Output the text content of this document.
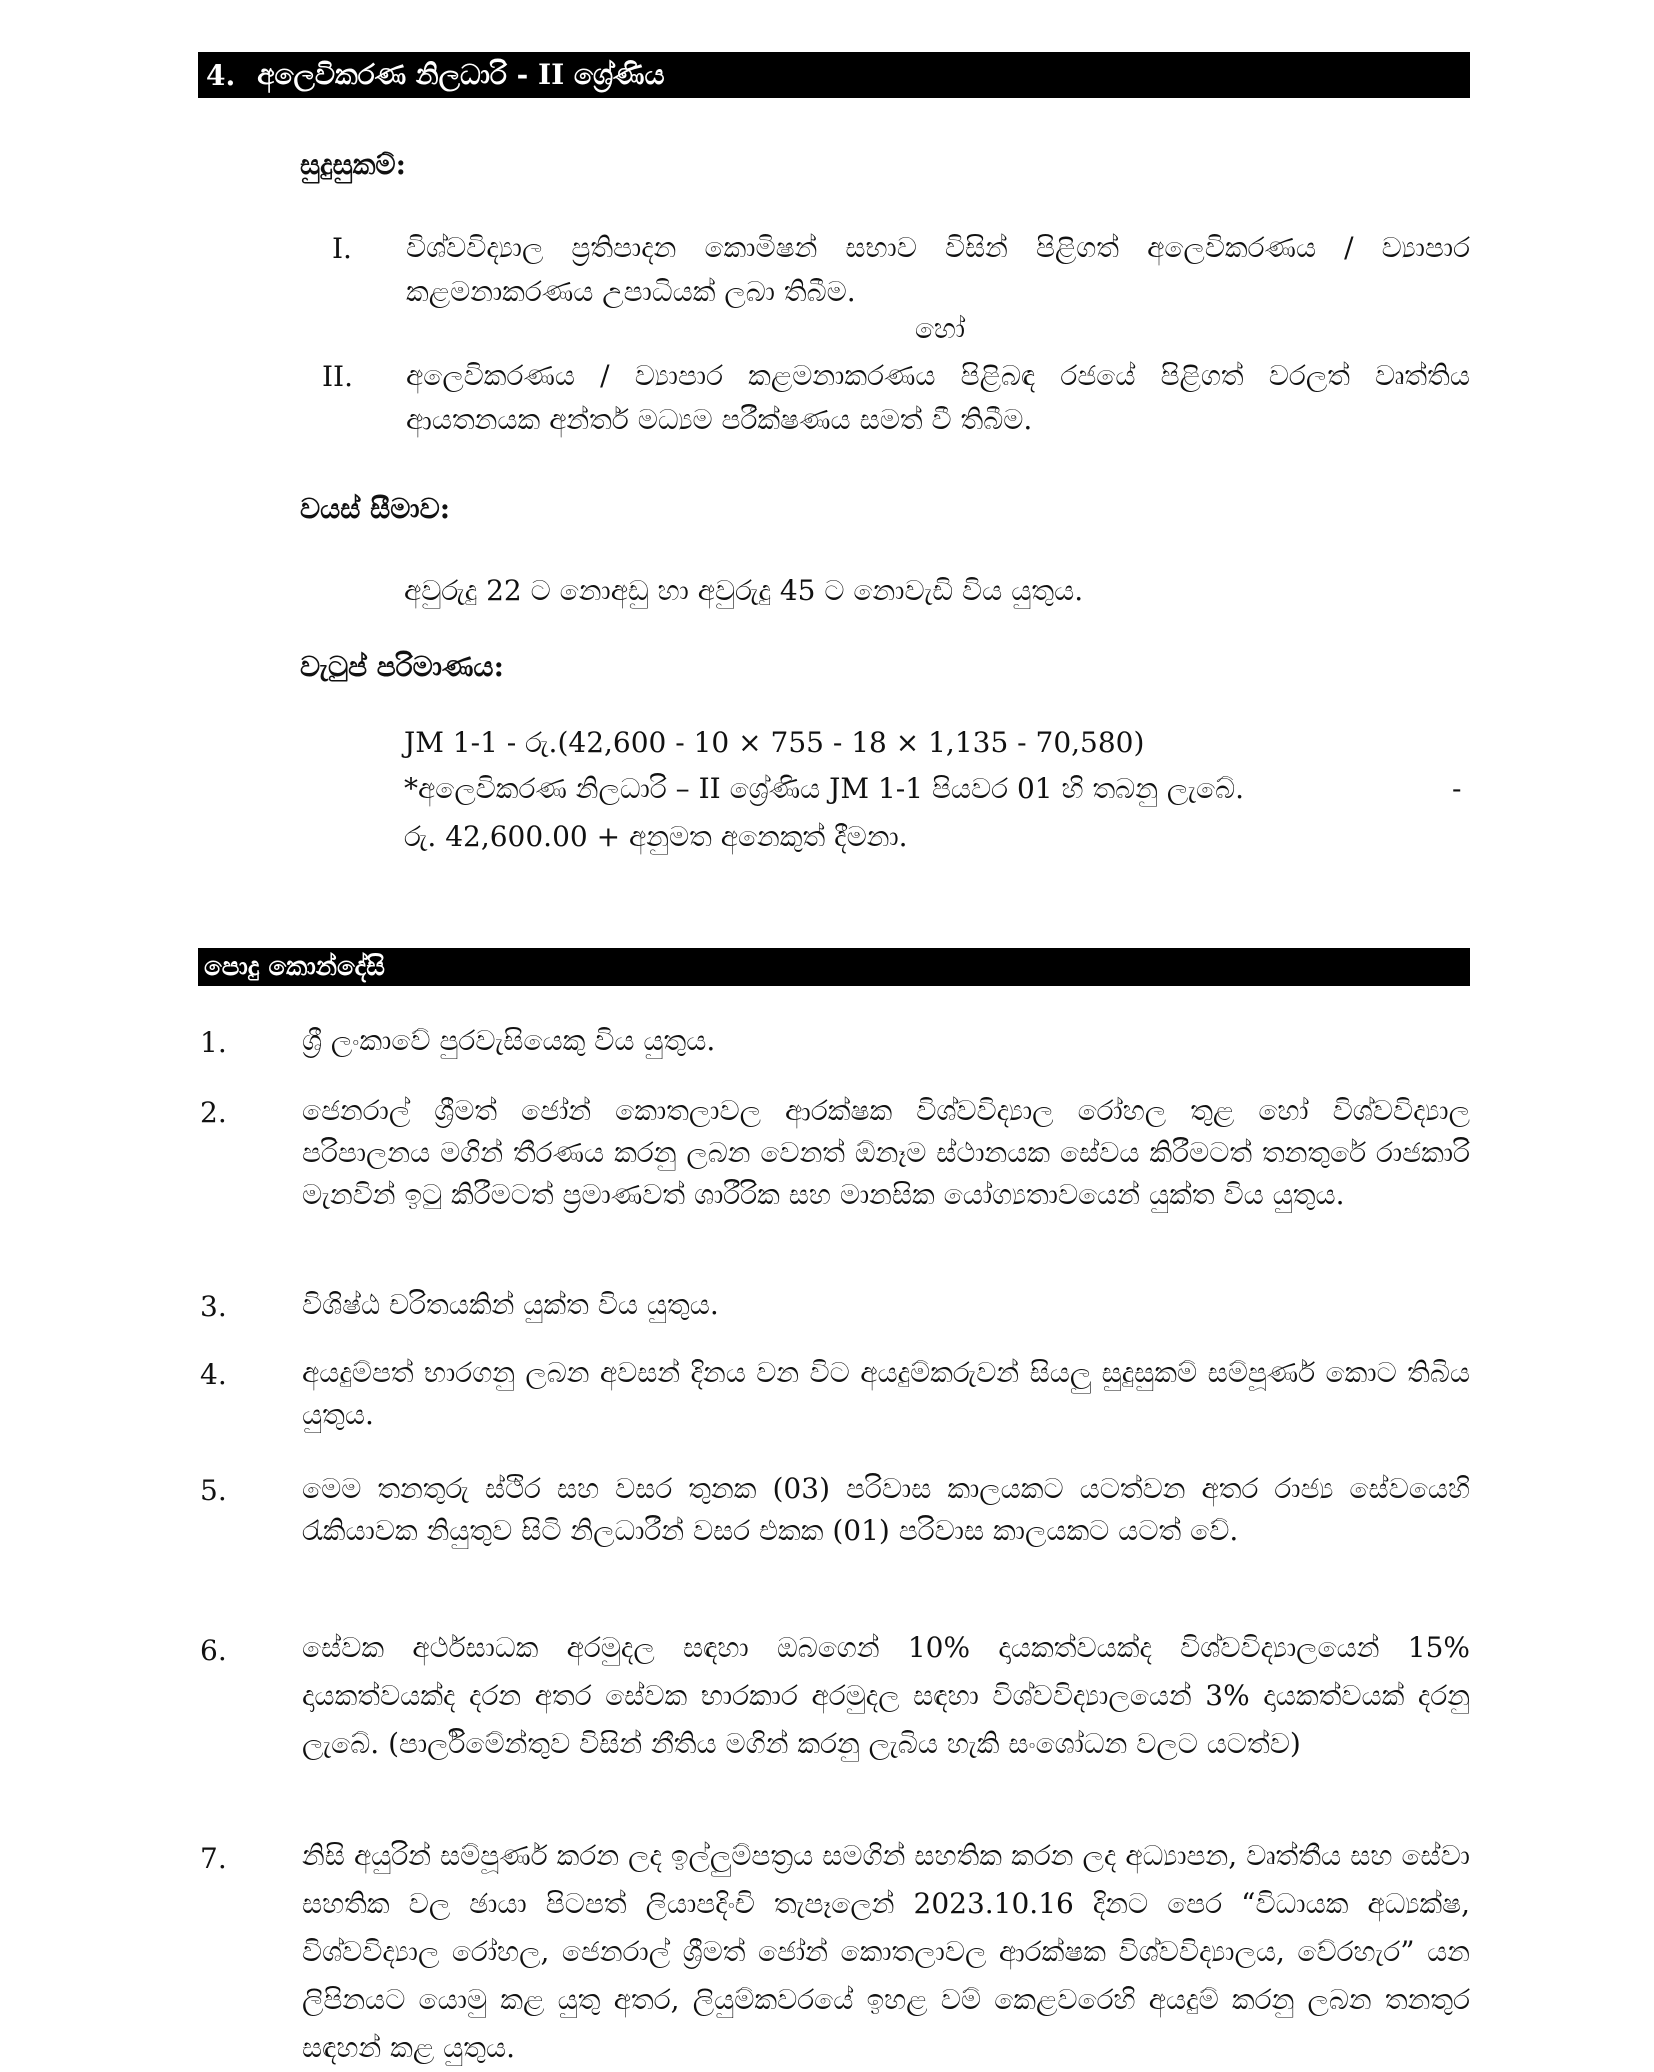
4. අලෙවිකරණ නිලධාරි - II ශ්‍රේණිය
සුදුසුකම්:
I. විශ්වවිද්‍යාල ප්‍රතිපාදන කොමිෂන් සභාව විසින් පිළිගත් අලෙවිකරණය / ව්‍යාපාර කළමනාකරණය උපාධියක් ලබා තිබීම.
හෝ
II. අලෙවිකරණය / ව්‍යාපාර කළමනාකරණය පිළිබඳ රජයේ පිළිගත් වරලත් වෘත්තිය ආයතනයක අන්තර් මධ්‍යම පරීක්ෂණය සමත් වී තිබීම.
වයස් සීමාව:
අවුරුදු 22 ට නොඅඩු හා අවුරුදු 45 ට නොවැඩි විය යුතුය.
වැටුප් පරිමාණය:
JM 1-1 - රු.(42,600 - 10 × 755 - 18 × 1,135 - 70,580)
*අලෙවිකරණ නිලධාරි – II ශ්‍රේණිය JM 1-1 පියවර 01 හි තබනු ලැබේ.	-
රු. 42,600.00 + අනුමත අනෙකුත් දීමනා.
පොදු කොන්දේසි
1.	ශ්‍රී ලංකාවේ පුරවැසියෙකු විය යුතුය.
2.	ජෙනරාල් ශ්‍රීමත් ජෝන් කොතලාවල ආරක්ෂක විශ්වවිද්‍යාල රෝහල තුළ හෝ විශ්වවිද්‍යාල පරිපාලනය මගින් තීරණය කරනු ලබන වෙනත් ඕනෑම ස්ථානයක සේවය කිරීමටත් තනතුරේ රාජකාරි මැනවින් ඉටු කිරීමටත් ප්‍රමාණවත් ශාරීරික සහ මානසික යෝග්‍යතාවයෙන් යුක්ත විය යුතුය.
3.	විශිෂ්ඨ චරිතයකින් යුක්ත විය යුතුය.
4.	අයදුම්පත් භාරගනු ලබන අවසන් දිනය වන විට අයදුම්කරුවන් සියලු සුදුසුකම් සම්පූර්ණ කොට තිබිය යුතුය.
5.	මෙම තනතුරු ස්ථිර සහ වසර තුනක (03) පරිවාස කාලයකට යටත්වන අතර රාජ්‍ය සේවයෙහි රැකියාවක නියුතුව සිටි නිලධාරීන් වසර එකක (01) පරිවාස කාලයකට යටත් වේ.
6.	සේවක අර්ථසාධක අරමුදල සඳහා ඔබගෙන් 10% දායකත්වයක්ද විශ්වවිද්‍යාලයෙන් 15% දායකත්වයක්ද දරන අතර සේවක භාරකාර අරමුදල සඳහා විශ්වවිද්‍යාලයෙන් 3% දායකත්වයක් දරනු ලැබේ. (පාර්ලිමේන්තුව විසින් නීතිය මගින් කරනු ලැබිය හැකි සංශෝධන වලට යටත්ව)
7.	නිසි අයුරින් සම්පූර්ණ කරන ලද ඉල්ලුම්පත්‍රය සමගින් සහතික කරන ලද අධ්‍යාපන, වෘත්තීය සහ සේවා සහතික වල ඡායා පිටපත් ලියාපදිංචි තැපෑලෙන් 2023.10.16 දිනට පෙර “විධායක අධ්‍යක්ෂ, විශ්වවිද්‍යාල රෝහල, ජෙනරාල් ශ්‍රීමත් ජෝන් කොතලාවල ආරක්ෂක විශ්වවිද්‍යාලය, වේරහැර” යන ලිපිනයට යොමු කළ යුතු අතර, ලියුම්කවරයේ ඉහළ වම් කෙළවරෙහි අයදුම් කරනු ලබන තනතුර සඳහන් කළ යුතුය.
